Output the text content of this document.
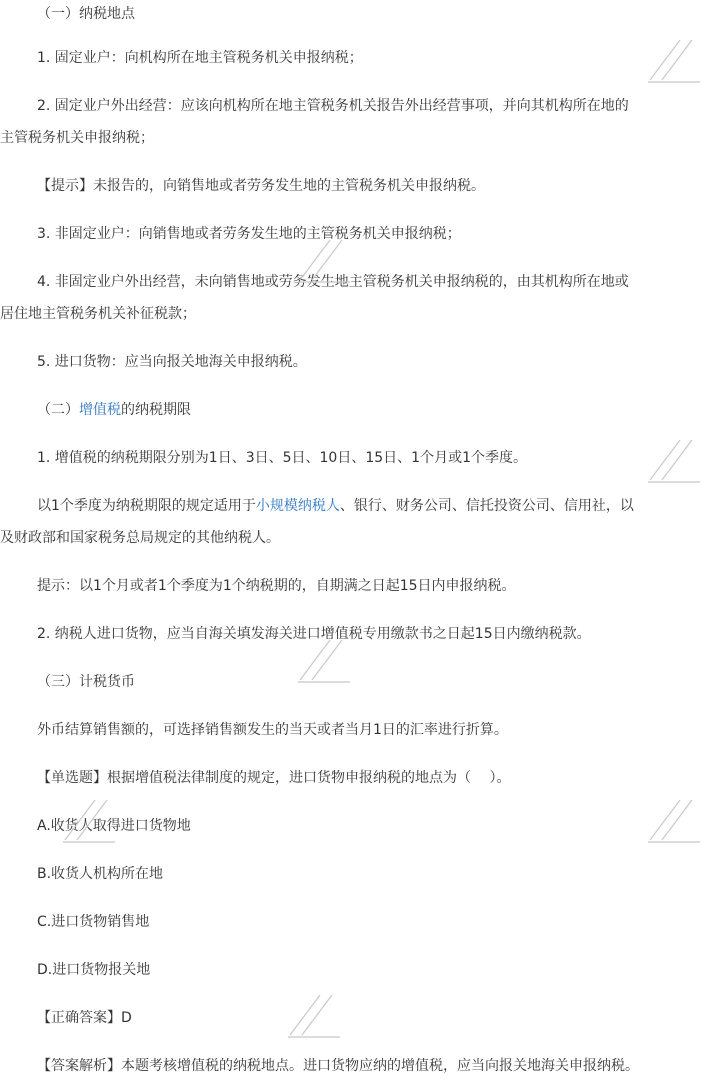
（一）纳税地点
1. 固定业户：向机构所在地主管税务机关申报纳税；
2. 固定业户外出经营：应该向机构所在地主管税务机关报告外出经营事项，并向其机构所在地的
主管税务机关申报纳税；
【提示】未报告的，向销售地或者劳务发生地的主管税务机关申报纳税。
3. 非固定业户：向销售地或者劳务发生地的主管税务机关申报纳税；
4. 非固定业户外出经营，未向销售地或劳务发生地主管税务机关申报纳税的，由其机构所在地或
居住地主管税务机关补征税款；
5. 进口货物：应当向报关地海关申报纳税。
（二）增值税的纳税期限
1. 增值税的纳税期限分别为1日、3日、5日、10日、15日、1个月或1个季度。
以1个季度为纳税期限的规定适用于小规模纳税人、银行、财务公司、信托投资公司、信用社，以
及财政部和国家税务总局规定的其他纳税人。
提示：以1个月或者1个季度为1个纳税期的，自期满之日起15日内申报纳税。
2. 纳税人进口货物，应当自海关填发海关进口增值税专用缴款书之日起15日内缴纳税款。
（三）计税货币
外币结算销售额的，可选择销售额发生的当天或者当月1日的汇率进行折算。
【单选题】根据增值税法律制度的规定，进口货物申报纳税的地点为（　 ）。
A.收货人取得进口货物地
B.收货人机构所在地
C.进口货物销售地
D.进口货物报关地
【正确答案】D
【答案解析】本题考核增值税的纳税地点。进口货物应纳的增值税，应当向报关地海关申报纳税。
